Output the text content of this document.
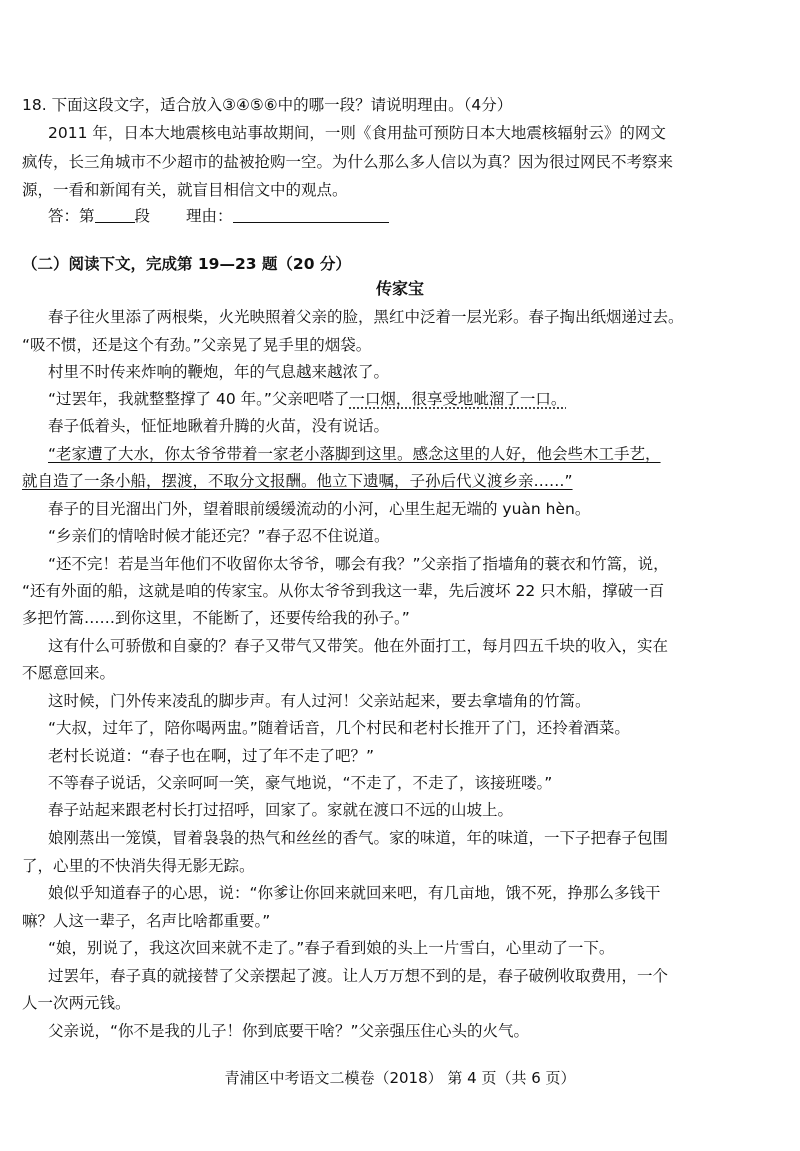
18. 下面这段文字，适合放入③④⑤⑥中的哪一段？请说明理由。（4分）
2011 年，日本大地震核电站事故期间，一则《食用盐可预防日本大地震核辐射云》的网文
疯传，长三角城市不少超市的盐被抢购一空。为什么那么多人信以为真？因为很过网民不考察来
源，一看和新闻有关，就盲目相信文中的观点。
答：第	段 理由：
（二）阅读下文，完成第 19—23 题（20 分）
传家宝
春子往火里添了两根柴，火光映照着父亲的脸，黑红中泛着一层光彩。春子掏出纸烟递过去。
“吸不惯，还是这个有劲。”父亲晃了晃手里的烟袋。
村里不时传来炸响的鞭炮，年的气息越来越浓了。
“过罢年，我就整整撑了 40 年。”父亲吧嗒了一口烟，很享受地呲溜了一口。
春子低着头，怔怔地瞅着升腾的火苗，没有说话。
“老家遭了大水，你太爷爷带着一家老小落脚到这里。感念这里的人好，他会些木工手艺，
就自造了一条小船，摆渡，不取分文报酬。他立下遗嘱，子孙后代义渡乡亲……”
春子的目光溜出门外，望着眼前缓缓流动的小河，心里生起无端的 yuàn hèn。
“乡亲们的情啥时候才能还完？”春子忍不住说道。
“还不完！若是当年他们不收留你太爷爷，哪会有我？”父亲指了指墙角的蓑衣和竹篙，说，
“还有外面的船，这就是咱的传家宝。从你太爷爷到我这一辈，先后渡坏 22 只木船，撑破一百
多把竹篙……到你这里，不能断了，还要传给我的孙子。”
这有什么可骄傲和自豪的？春子又带气又带笑。他在外面打工，每月四五千块的收入，实在
不愿意回来。
这时候，门外传来凌乱的脚步声。有人过河！父亲站起来，要去拿墙角的竹篙。
“大叔，过年了，陪你喝两盅。”随着话音，几个村民和老村长推开了门，还拎着酒菜。
老村长说道：“春子也在啊，过了年不走了吧？”
不等春子说话，父亲呵呵一笑，豪气地说，“不走了，不走了，该接班喽。”
春子站起来跟老村长打过招呼，回家了。家就在渡口不远的山坡上。
娘刚蒸出一笼馍，冒着袅袅的热气和丝丝的香气。家的味道，年的味道，一下子把春子包围
了，心里的不快消失得无影无踪。
娘似乎知道春子的心思，说：“你爹让你回来就回来吧，有几亩地，饿不死，挣那么多钱干
嘛？人这一辈子，名声比啥都重要。”
“娘，别说了，我这次回来就不走了。”春子看到娘的头上一片雪白，心里动了一下。
过罢年，春子真的就接替了父亲摆起了渡。让人万万想不到的是，春子破例收取费用，一个
人一次两元钱。
父亲说，“你不是我的儿子！你到底要干啥？”父亲强压住心头的火气。
青浦区中考语文二模卷（2018） 第 4 页（共 6 页）
